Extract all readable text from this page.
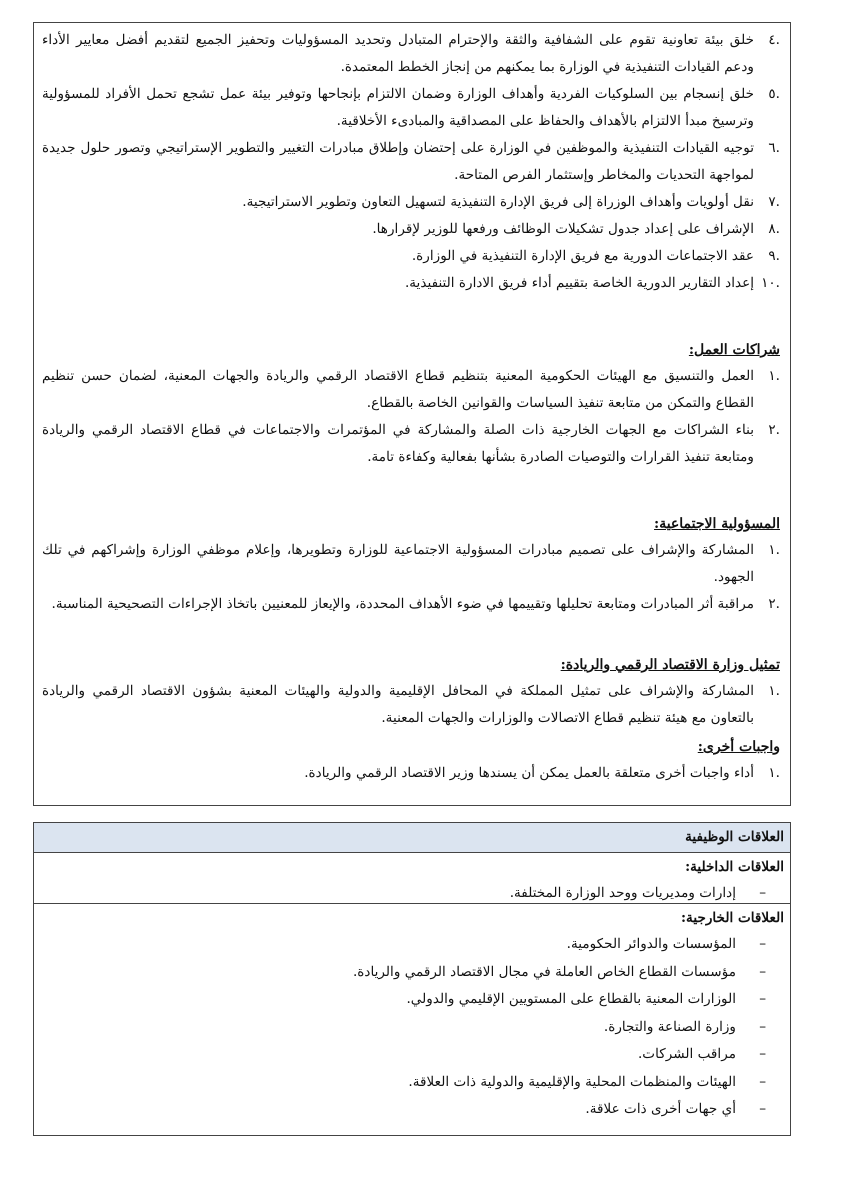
.٤
خلق بيئة تعاونية تقوم على الشفافية والثقة والإحترام المتبادل وتحديد المسؤوليات وتحفيز الجميع لتقديم أفضل معايير الأداء ودعم القيادات التنفيذية في الوزارة بما يمكنهم من إنجاز الخطط المعتمدة.
.٥
خلق إنسجام بين السلوكيات الفردية وأهداف الوزارة وضمان الالتزام بإنجاحها وتوفير بيئة عمل تشجع تحمل الأفراد للمسؤولية وترسيخ مبدأ الالتزام بالأهداف والحفاظ على المصداقية والمبادىء الأخلاقية.
.٦
توجيه القيادات التنفيذية والموظفين في الوزارة على إحتضان وإطلاق مبادرات التغيير والتطوير الإستراتيجي وتصور حلول جديدة لمواجهة التحديات والمخاطر وإستثمار الفرص المتاحة.
.٧
نقل أولويات وأهداف الوزراة إلى فريق الإدارة التنفيذية لتسهيل التعاون وتطوير الاستراتيجية.
.٨
الإشراف على إعداد جدول تشكيلات الوظائف ورفعها للوزير لإقرارها.
.٩
عقد الاجتماعات الدورية مع فريق الإدارة التنفيذية في الوزارة.
.١٠
إعداد التقارير الدورية الخاصة بتقييم أداء فريق الادارة التنفيذية.
شراكات العمل:
.١
العمل والتنسيق مع الهيئات الحكومية المعنية بتنظيم قطاع الاقتصاد الرقمي والريادة والجهات المعنية، لضمان حسن تنظيم القطاع والتمكن من متابعة تنفيذ السياسات والقوانين الخاصة بالقطاع.
.٢
بناء الشراكات مع الجهات الخارجية ذات الصلة والمشاركة في المؤتمرات والاجتماعات في قطاع الاقتصاد الرقمي والريادة ومتابعة تنفيذ القرارات والتوصيات الصادرة بشأنها بفعالية وكفاءة تامة.
المسؤولية الاجتماعية:
.١
المشاركة والإشراف على تصميم مبادرات المسؤولية الاجتماعية للوزارة وتطويرها، وإعلام موظفي الوزارة وإشراكهم في تلك الجهود.
.٢
مراقبة أثر المبادرات ومتابعة تحليلها وتقييمها في ضوء الأهداف المحددة، والإيعاز للمعنيين باتخاذ الإجراءات التصحيحية المناسبة.
تمثيل وزارة الاقتصاد الرقمي والريادة:
.١
المشاركة والإشراف على تمثيل المملكة في المحافل الإقليمية والدولية والهيئات المعنية بشؤون الاقتصاد الرقمي والريادة بالتعاون مع هيئة تنظيم قطاع الاتصالات والوزارات والجهات المعنية.
واجبات أخرى:
.١
أداء واجبات أخرى متعلقة بالعمل يمكن أن يسندها وزير الاقتصاد الرقمي والريادة.
العلاقات الوظيفية
العلاقات الداخلية:
–
إدارات ومديريات ووحد الوزارة المختلفة.
العلاقات الخارجية:
–
المؤسسات والدوائر الحكومية.
–
مؤسسات القطاع الخاص العاملة في مجال الاقتصاد الرقمي والريادة.
–
الوزارات المعنية بالقطاع على المستويين الإقليمي والدولي.
–
وزارة الصناعة والتجارة.
–
مراقب الشركات.
–
الهيئات والمنظمات المحلية والإقليمية والدولية ذات العلاقة.
–
أي جهات أخرى ذات علاقة.
